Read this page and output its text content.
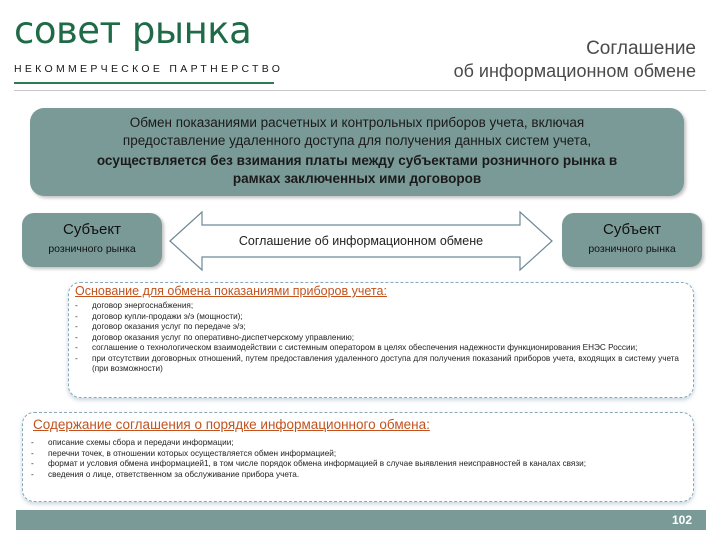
совет рынка
НЕКОММЕРЧЕСКОЕ ПАРТНЕРСТВО
Соглашение
об информационном обмене
Обмен показаниями расчетных и контрольных приборов учета, включая
предоставление удаленного доступа для получения данных систем учета,
осуществляется без взимания платы между субъектами розничного рынка в
рамках заключенных ими договоров
Субъект
розничного рынка
Соглашение об информационном обмене
Субъект
розничного рынка
Основание для обмена показаниями приборов учета:
- договор энергоснабжения;
- договор купли-продажи э/э (мощности);
- договор оказания услуг по передаче э/э;
- договор оказания услуг по оперативно-диспетчерскому управлению;
- соглашение о технологическом взаимодействии с системным оператором в целях обеспечения надежности функционирования ЕНЭС России;
- при отсутствии договорных отношений, путем предоставления удаленного доступа для получения показаний приборов учета, входящих в систему учета (при возможности)
Содержание соглашения о порядке информационного обмена:
- описание схемы сбора и передачи информации;
- перечни точек, в отношении которых осуществляется обмен информацией;
- формат и условия обмена информацией1, в том числе порядок обмена информацией в случае выявления неисправностей в каналах связи;
- сведения о лице, ответственном за обслуживание прибора учета.
102
